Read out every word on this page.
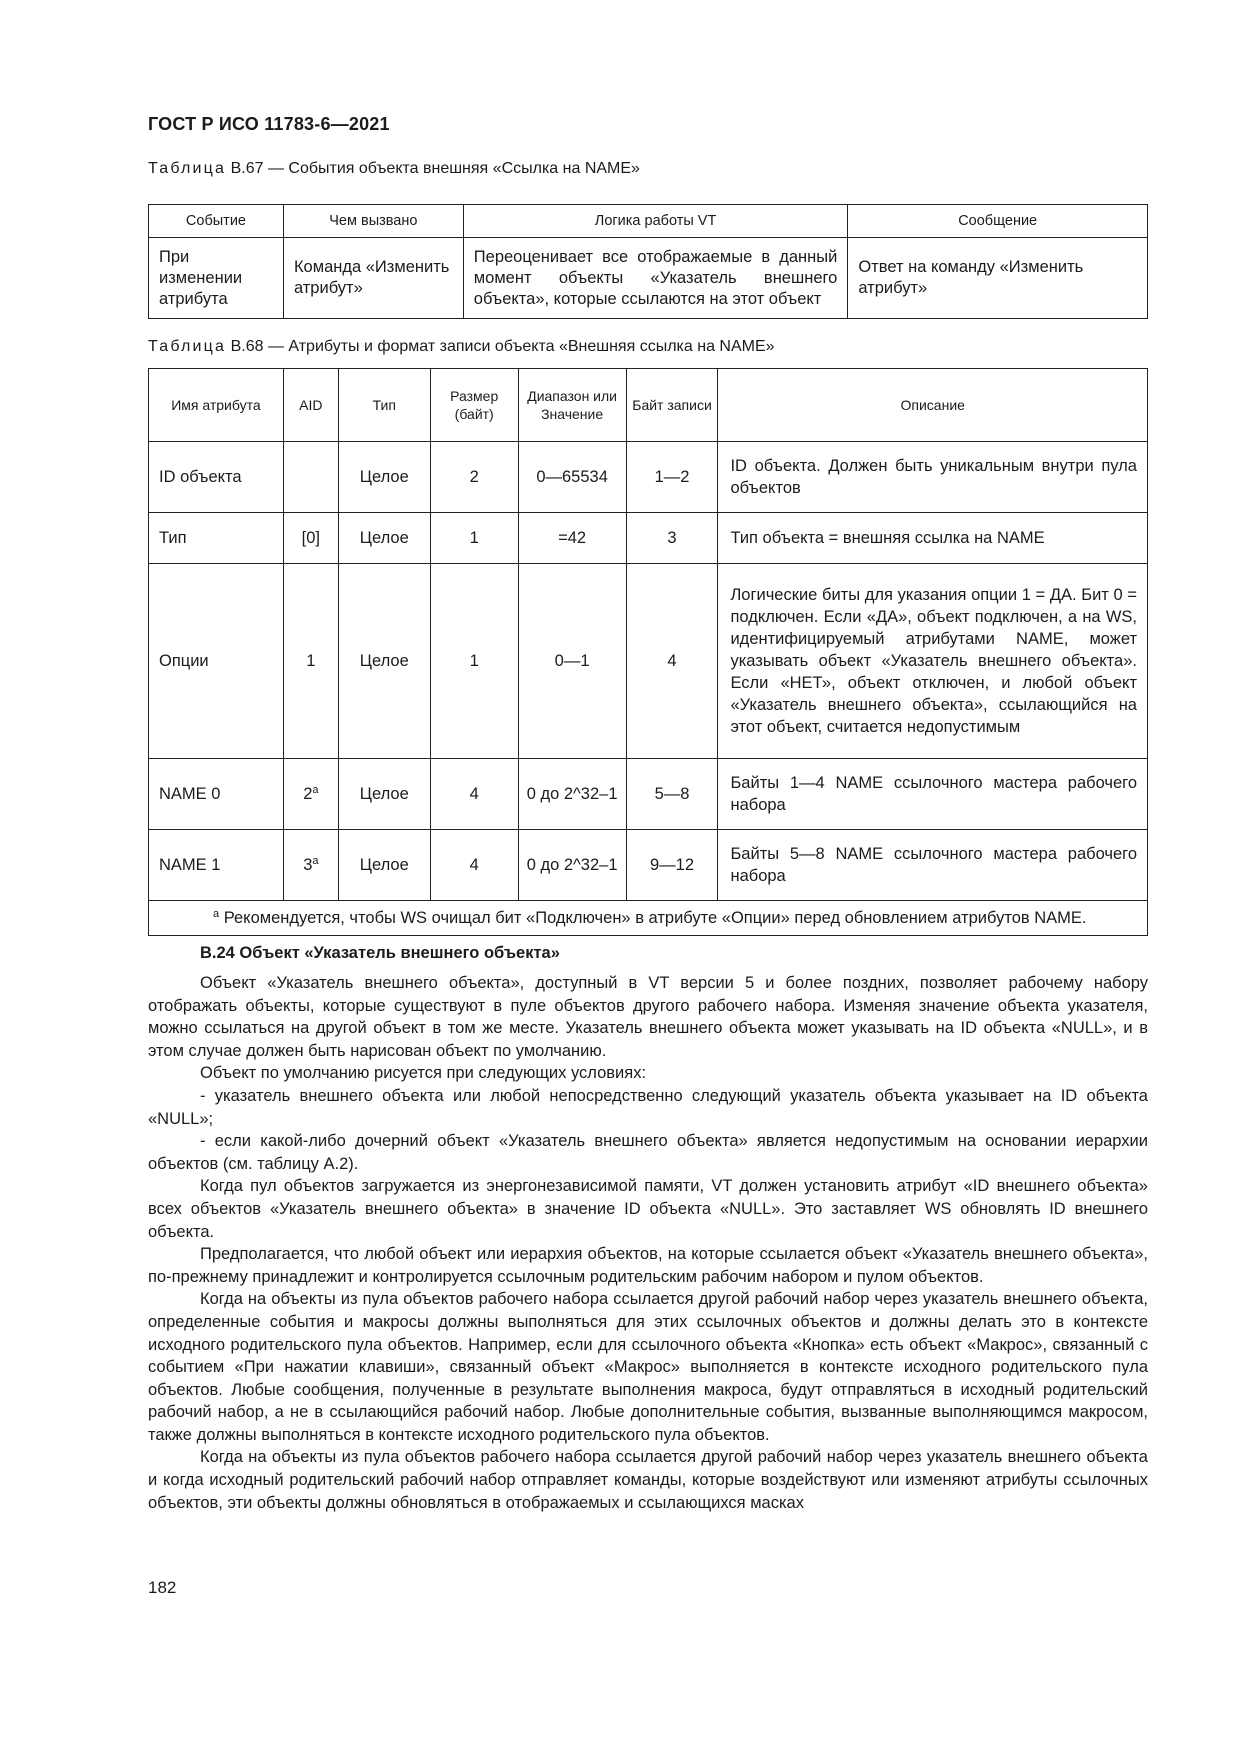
ГОСТ Р ИСО 11783-6—2021
Таблица В.67 — События объекта внешняя «Ссылка на NAME»
Событие	Чем вызвано	Логика работы VT	Сообщение
При изменении атрибута	Команда «Изменить атрибут»	Переоценивает все отображаемые в данный момент объекты «Указатель внешнего объекта», которые ссылаются на этот объект	Ответ на команду «Изменить атрибут»
Таблица В.68 — Атрибуты и формат записи объекта «Внешняя ссылка на NAME»
Имя атрибута	AID	Тип	Размер (байт)	Диапазон или Значение	Байт записи	Описание
ID объекта		Целое	2	0—65534	1—2	ID объекта. Должен быть уникальным внутри пула объектов
Тип	[0]	Целое	1	=42	3	Тип объекта = внешняя ссылка на NAME
Опции	1	Целое	1	0—1	4	Логические биты для указания опции 1 = ДА. Бит 0 = подключен. Если «ДА», объект подключен, а на WS, идентифицируемый атрибутами NAME, может указывать объект «Указатель внешнего объекта». Если «НЕТ», объект отключен, и любой объект «Указатель внешнего объекта», ссылающийся на этот объект, считается недопустимым
NAME 0	2$^a$	Целое	4	0 до 2^32–1	5—8	Байты 1—4 NAME ссылочного мастера рабочего набора
NAME 1	3$^a$	Целое	4	0 до 2^32–1	9—12	Байты 5—8 NAME ссылочного мастера рабочего набора
$^a$ Рекомендуется, чтобы WS очищал бит «Подключен» в атрибуте «Опции» перед обновлением атрибутов NAME.						
В.24 Объект «Указатель внешнего объекта»

Объект «Указатель внешнего объекта», доступный в VT версии 5 и более поздних, позволяет рабочему набору отображать объекты, которые существуют в пуле объектов другого рабочего набора. Изменяя значение объекта указателя, можно ссылаться на другой объект в том же месте. Указатель внешнего объекта может указывать на ID объекта «NULL», и в этом случае должен быть нарисован объект по умолчанию.

Объект по умолчанию рисуется при следующих условиях:

- указатель внешнего объекта или любой непосредственно следующий указатель объекта указывает на ID объекта «NULL»;

- если какой-либо дочерний объект «Указатель внешнего объекта» является недопустимым на основании иерархии объектов (см. таблицу А.2).

Когда пул объектов загружается из энергонезависимой памяти, VT должен установить атрибут «ID внешнего объекта» всех объектов «Указатель внешнего объекта» в значение ID объекта «NULL». Это заставляет WS обновлять ID внешнего объекта.

Предполагается, что любой объект или иерархия объектов, на которые ссылается объект «Указатель внешнего объекта», по-прежнему принадлежит и контролируется ссылочным родительским рабочим набором и пулом объектов.

Когда на объекты из пула объектов рабочего набора ссылается другой рабочий набор через указатель внешнего объекта, определенные события и макросы должны выполняться для этих ссылочных объектов и должны делать это в контексте исходного родительского пула объектов. Например, если для ссылочного объекта «Кнопка» есть объект «Макрос», связанный с событием «При нажатии клавиши», связанный объект «Макрос» выполняется в контексте исходного родительского пула объектов. Любые сообщения, полученные в результате выполнения макроса, будут отправляться в исходный родительский рабочий набор, а не в ссылающийся рабочий набор. Любые дополнительные события, вызванные выполняющимся макросом, также должны выполняться в контексте исходного родительского пула объектов.

Когда на объекты из пула объектов рабочего набора ссылается другой рабочий набор через указатель внешнего объекта и когда исходный родительский рабочий набор отправляет команды, которые воздействуют или изменяют атрибуты ссылочных объектов, эти объекты должны обновляться в отображаемых и ссылающихся масках

182
